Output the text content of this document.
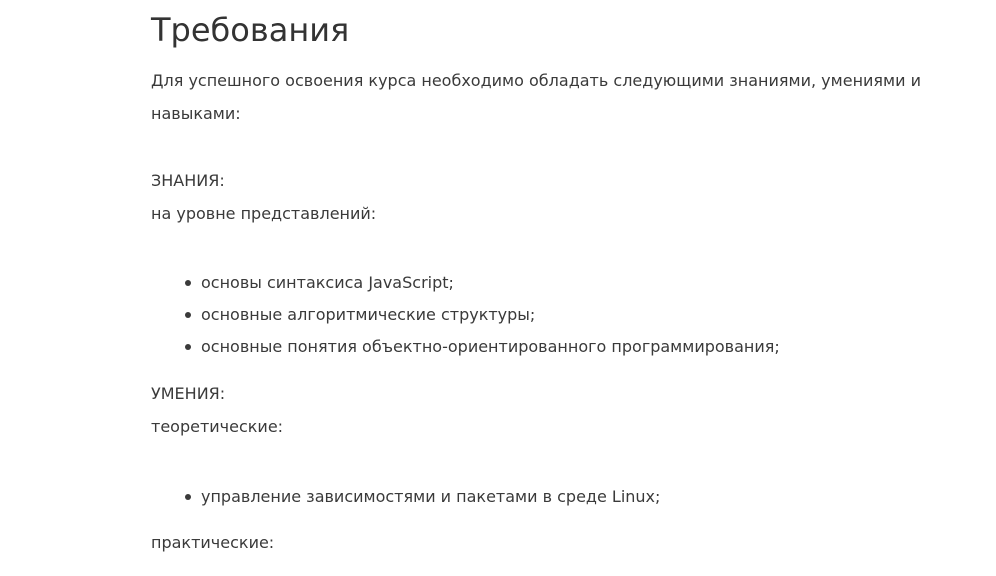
Требования

Для успешного освоения курса необходимо обладать следующими знаниями, умениями и навыками:

ЗНАНИЯ:

на уровне представлений:

основы синтаксиса JavaScript;
основные алгоритмические структуры;
основные понятия объектно-ориентированного программирования;

УМЕНИЯ:

теоретические:

управление зависимостями и пакетами в среде Linux;

практические:
